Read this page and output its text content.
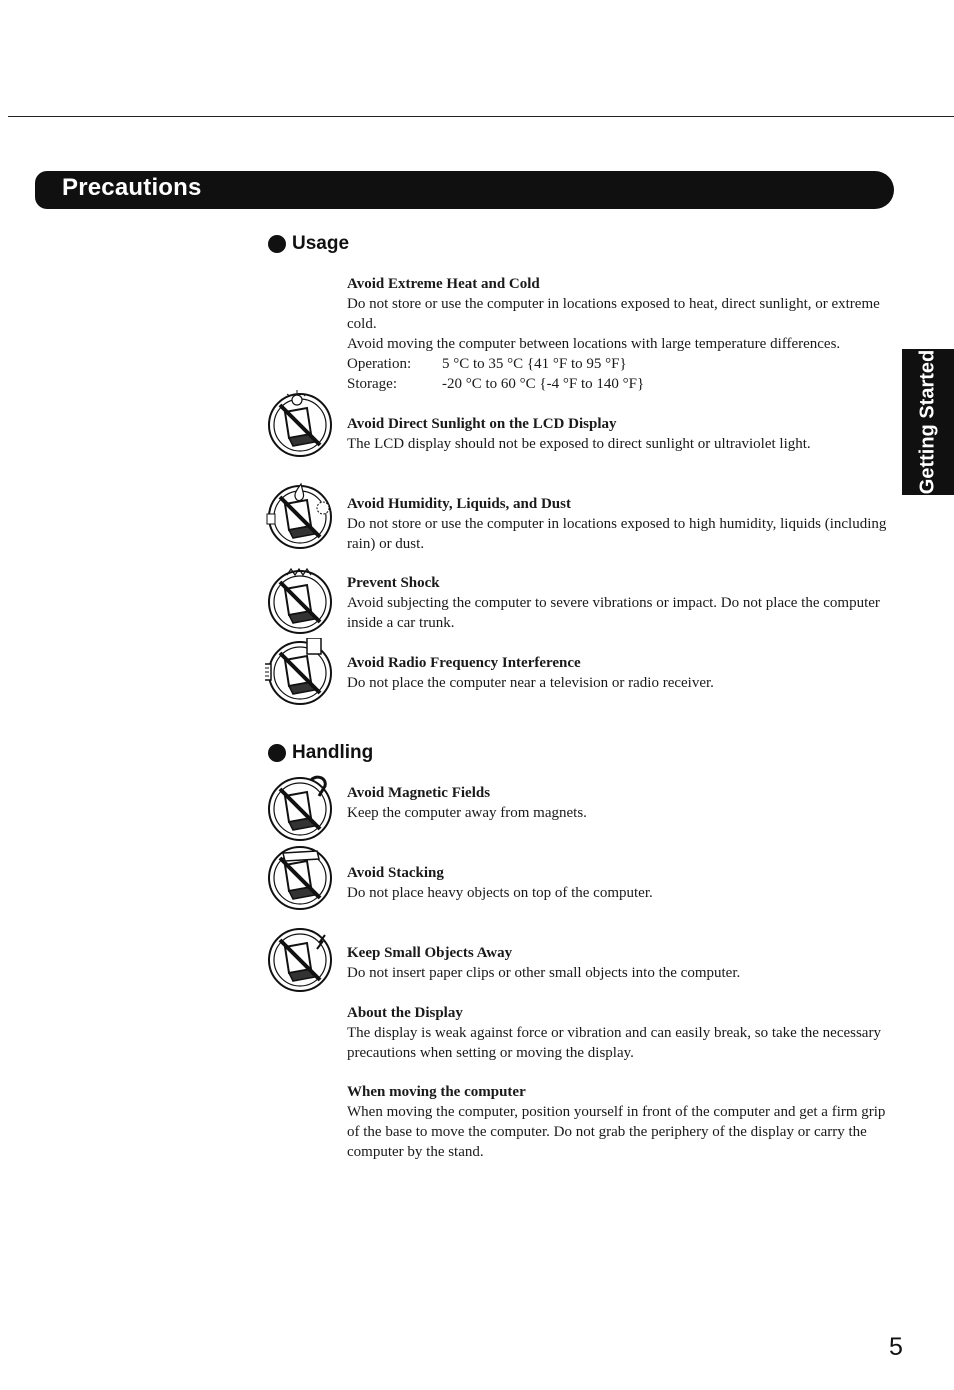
Precautions
Getting Started
Usage
Avoid Extreme Heat and Cold

Do not store or use the computer in locations exposed to heat, direct sunlight, or extreme cold.

Avoid moving the computer between locations with large temperature differences.

Operation:	5 °C to 35 °C {41 °F to 95 °F}
Storage:	-20 °C to 60 °C {-4 °F to 140 °F}
Avoid Direct Sunlight on the LCD Display

The LCD display should not be exposed to direct sunlight or ultraviolet light.

Avoid Humidity, Liquids, and Dust

Do not store or use the computer in locations exposed to high humidity, liquids (including rain) or dust.

Prevent Shock

Avoid subjecting the computer to severe vibrations or impact. Do not place the computer inside a car trunk.

Avoid Radio Frequency Interference

Do not place the computer near a television or radio receiver.

Handling
Avoid Magnetic Fields

Keep the computer away from magnets.

Avoid Stacking

Do not place heavy objects on top of the computer.

Keep Small Objects Away

Do not insert paper clips or other small objects into the computer.

About the Display

The display is weak against force or vibration and can easily break, so take the necessary precautions when setting or moving the display.

When moving the computer

When moving the computer, position yourself in front of the computer and get a firm grip of the base to move the computer. Do not grab the periphery of the display or carry the computer by the stand.

5
